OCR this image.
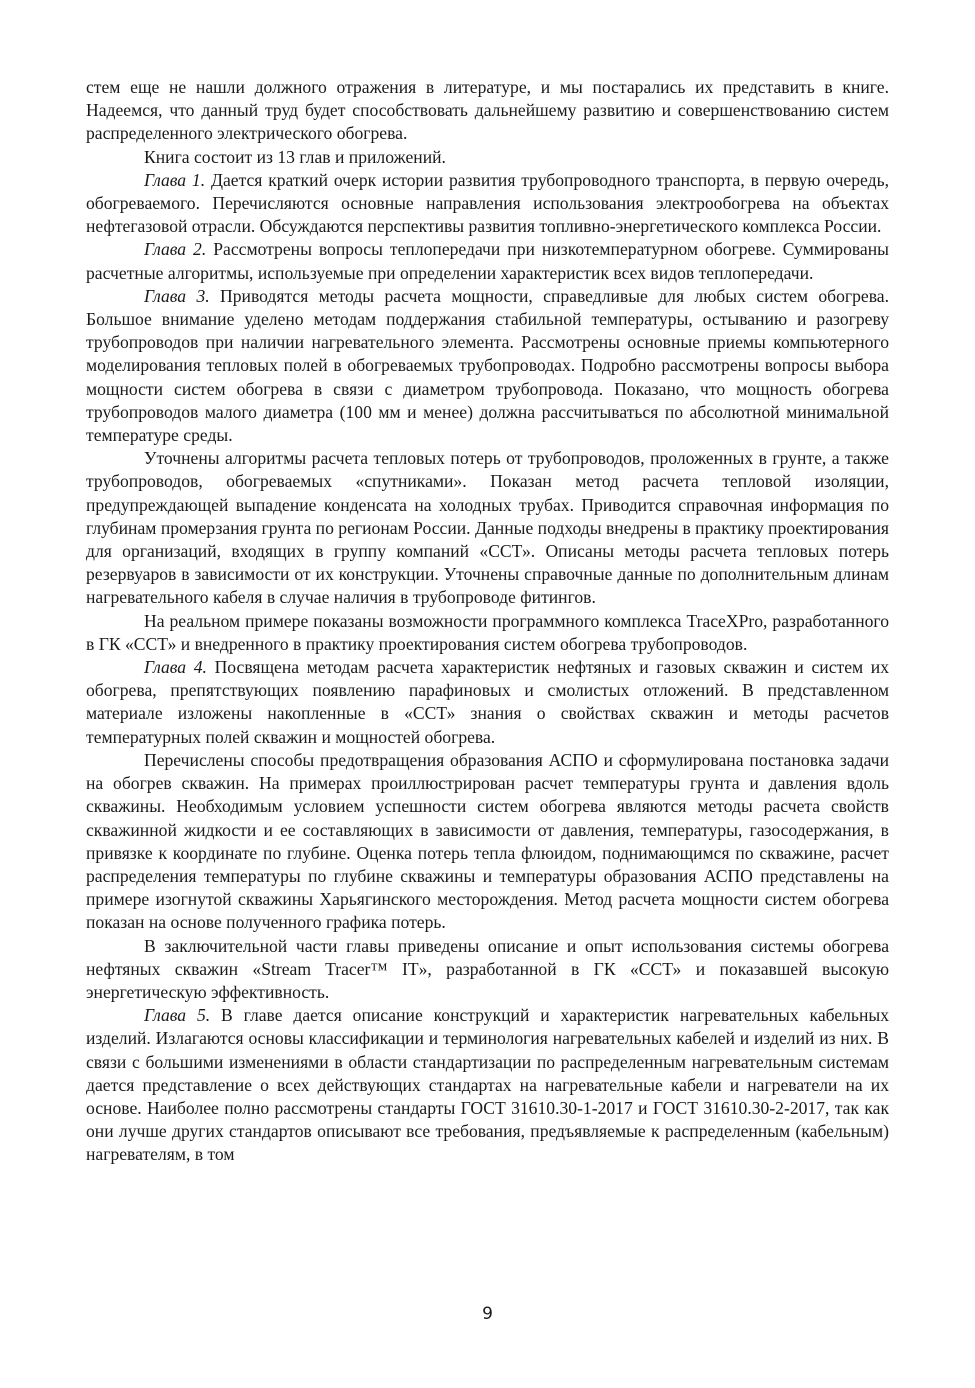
стем еще не нашли должного отражения в литературе, и мы постарались их представить в книге. Надеемся, что данный труд будет способствовать дальнейшему развитию и совершенствованию систем распределенного электрического обогрева.

Книга состоит из 13 глав и приложений.

Глава 1. Дается краткий очерк истории развития трубопроводного транспорта, в первую очередь, обогреваемого. Перечисляются основные направления использования электрообогрева на объектах нефтегазовой отрасли. Обсуждаются перспективы развития топливно-энергетического комплекса России.

Глава 2. Рассмотрены вопросы теплопередачи при низкотемпературном обогреве. Суммированы расчетные алгоритмы, используемые при определении характеристик всех видов теплопередачи.

Глава 3. Приводятся методы расчета мощности, справедливые для любых систем обогрева. Большое внимание уделено методам поддержания стабильной температуры, остыванию и разогреву трубопроводов при наличии нагревательного элемента. Рассмотрены основные приемы компьютерного моделирования тепловых полей в обогреваемых трубопроводах. Подробно рассмотрены вопросы выбора мощности систем обогрева в связи с диаметром трубопровода. Показано, что мощность обогрева трубопроводов малого диаметра (100 мм и менее) должна рассчитываться по абсолютной минимальной температуре среды.

Уточнены алгоритмы расчета тепловых потерь от трубопроводов, проложенных в грунте, а также трубопроводов, обогреваемых «спутниками». Показан метод расчета тепловой изоляции, предупреждающей выпадение конденсата на холодных трубах. Приводится справочная информация по глубинам промерзания грунта по регионам России. Данные подходы внедрены в практику проектирования для организаций, входящих в группу компаний «ССТ». Описаны методы расчета тепловых потерь резервуаров в зависимости от их конструкции. Уточнены справочные данные по дополнительным длинам нагревательного кабеля в случае наличия в трубопроводе фитингов.

На реальном примере показаны возможности программного комплекса TraceXPro, разработанного в ГК «ССТ» и внедренного в практику проектирования систем обогрева трубопроводов.

Глава 4. Посвящена методам расчета характеристик нефтяных и газовых скважин и систем их обогрева, препятствующих появлению парафиновых и смолистых отложений. В представленном материале изложены накопленные в «ССТ» знания о свойствах скважин и методы расчетов температурных полей скважин и мощностей обогрева.

Перечислены способы предотвращения образования АСПО и сформулирована постановка задачи на обогрев скважин. На примерах проиллюстрирован расчет температуры грунта и давления вдоль скважины. Необходимым условием успешности систем обогрева являются методы расчета свойств скважинной жидкости и ее составляющих в зависимости от давления, температуры, газосодержания, в привязке к координате по глубине. Оценка потерь тепла флюидом, поднимающимся по скважине, расчет распределения температуры по глубине скважины и температуры образования АСПО представлены на примере изогнутой скважины Харьягинского месторождения. Метод расчета мощности систем обогрева показан на основе полученного графика потерь.

В заключительной части главы приведены описание и опыт использования системы обогрева нефтяных скважин «Stream Tracer™ IT», разработанной в ГК «ССТ» и показавшей высокую энергетическую эффективность.

Глава 5. В главе дается описание конструкций и характеристик нагревательных кабельных изделий. Излагаются основы классификации и терминология нагревательных кабелей и изделий из них. В связи с большими изменениями в области стандартизации по распределенным нагревательным системам дается представление о всех действующих стандартах на нагревательные кабели и нагреватели на их основе. Наиболее полно рассмотрены стандарты ГОСТ 31610.30-1-2017 и ГОСТ 31610.30-2-2017, так как они лучше других стандартов описывают все требования, предъявляемые к распределенным (кабельным) нагревателям, в том

9
